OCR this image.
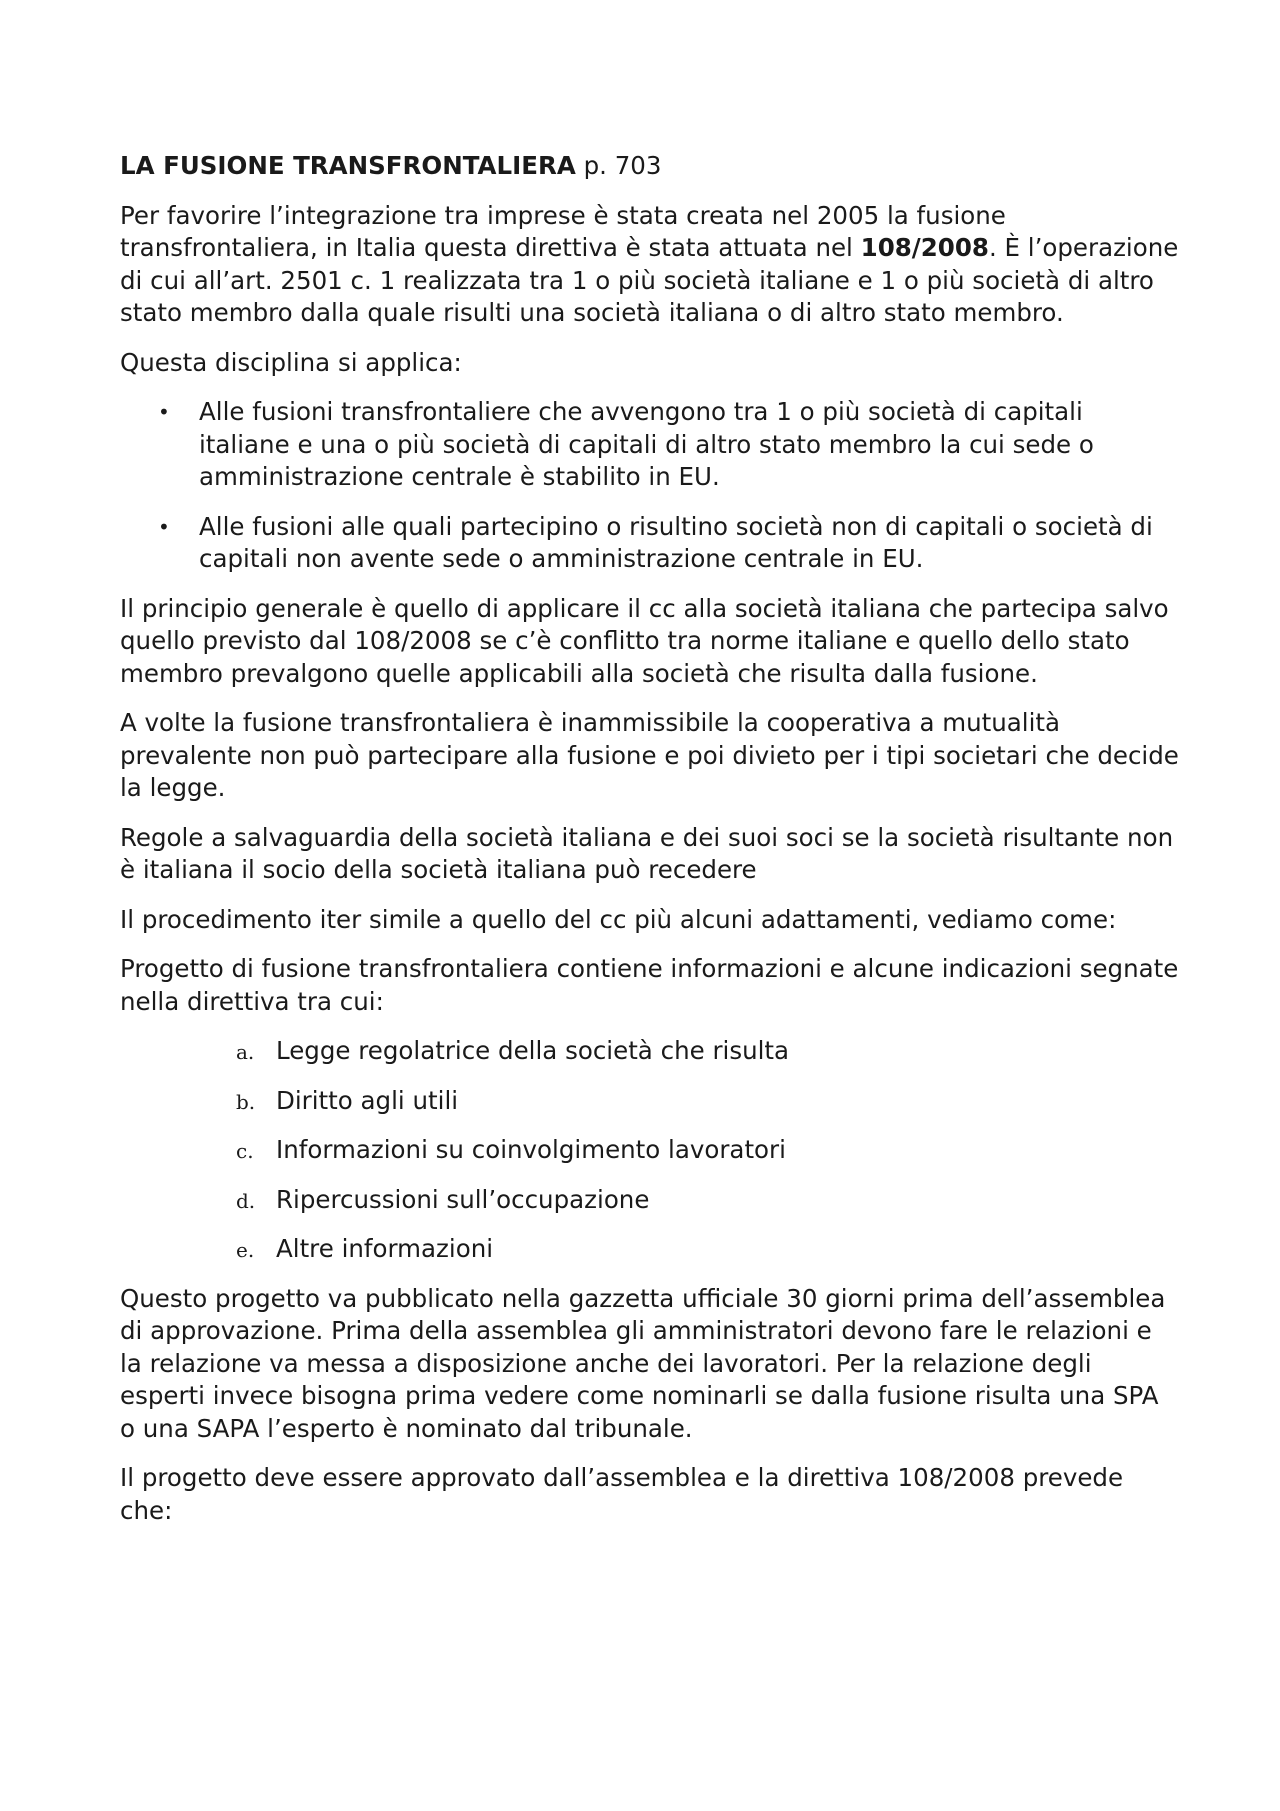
LA FUSIONE TRANSFRONTALIERA p. 703

Per favorire l’integrazione tra imprese è stata creata nel 2005 la fusione transfrontaliera, in Italia questa direttiva è stata attuata nel 108/2008. È l’operazione di cui all’art. 2501 c. 1 realizzata tra 1 o più società italiane e 1 o più società di altro stato membro dalla quale risulti una società italiana o di altro stato membro.

Questa disciplina si applica:

• Alle fusioni transfrontaliere che avvengono tra 1 o più società di capitali italiane e una o più società di capitali di altro stato membro la cui sede o amministrazione centrale è stabilito in EU.
• Alle fusioni alle quali partecipino o risultino società non di capitali o società di capitali non avente sede o amministrazione centrale in EU.

Il principio generale è quello di applicare il cc alla società italiana che partecipa salvo quello previsto dal 108/2008 se c’è conflitto tra norme italiane e quello dello stato membro prevalgono quelle applicabili alla società che risulta dalla fusione.

A volte la fusione transfrontaliera è inammissibile la cooperativa a mutualità prevalente non può partecipare alla fusione e poi divieto per i tipi societari che decide la legge.

Regole a salvaguardia della società italiana e dei suoi soci se la società risultante non è italiana il socio della società italiana può recedere

Il procedimento iter simile a quello del cc più alcuni adattamenti, vediamo come:

Progetto di fusione transfrontaliera contiene informazioni e alcune indicazioni segnate nella direttiva tra cui:

a. Legge regolatrice della società che risulta
b. Diritto agli utili
c. Informazioni su coinvolgimento lavoratori
d. Ripercussioni sull’occupazione
e. Altre informazioni

Questo progetto va pubblicato nella gazzetta ufficiale 30 giorni prima dell’assemblea di approvazione. Prima della assemblea gli amministratori devono fare le relazioni e la relazione va messa a disposizione anche dei lavoratori. Per la relazione degli esperti invece bisogna prima vedere come nominarli se dalla fusione risulta una SPA o una SAPA l’esperto è nominato dal tribunale.

Il progetto deve essere approvato dall’assemblea e la direttiva 108/2008 prevede che:
